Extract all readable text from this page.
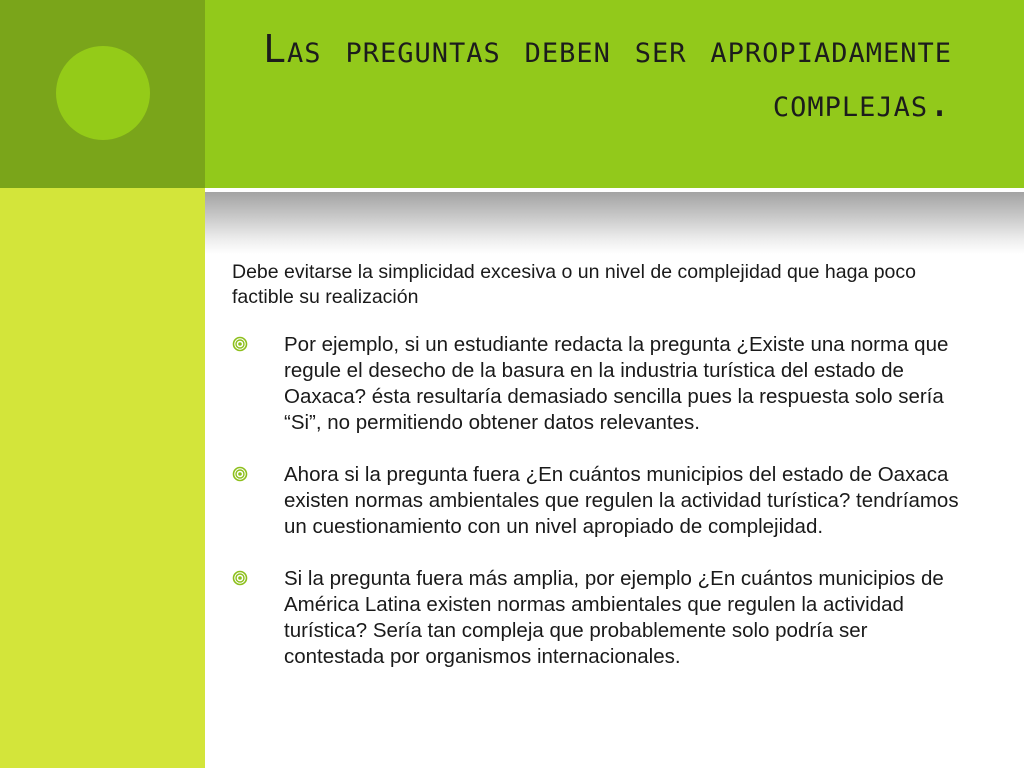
Las preguntas deben ser apropiadamente complejas.

Debe evitarse la simplicidad excesiva o un nivel de complejidad que haga poco factible su realización

Por ejemplo, si un estudiante redacta la pregunta ¿Existe una norma que regule el desecho de la basura en la industria turística del estado de Oaxaca? ésta resultaría demasiado sencilla pues la respuesta solo sería “Si”, no permitiendo obtener datos relevantes.
Ahora si la pregunta fuera ¿En cuántos municipios del estado de Oaxaca existen normas ambientales que regulen la actividad turística? tendríamos un cuestionamiento con un nivel apropiado de complejidad.
Si la pregunta fuera más amplia, por ejemplo ¿En cuántos municipios de América Latina existen normas ambientales que regulen la actividad turística? Sería tan compleja que probablemente solo podría ser contestada por organismos internacionales.
